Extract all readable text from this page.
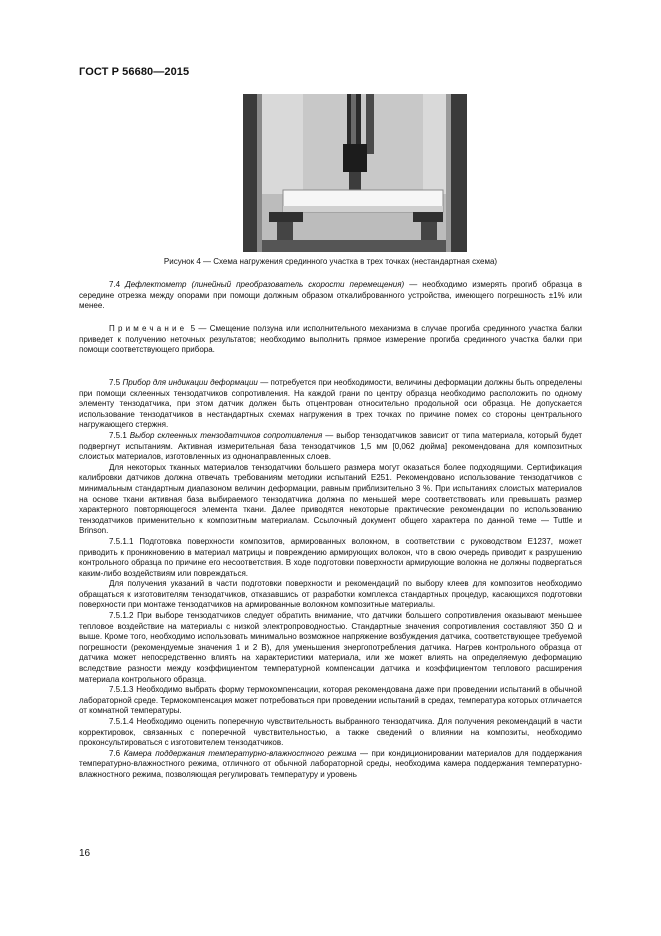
ГОСТ Р 56680—2015
Рисунок 4 — Схема нагружения срединного участка в трех точках (нестандартная схема)

7.4 Дефлектометр (линейный преобразователь скорости перемещения) — необходимо измерять прогиб образца в середине отрезка между опорами при помощи должным образом откалиброванного устройства, имеющего погрешность ±1% или менее.

Примечание 5 — Смещение ползуна или исполнительного механизма в случае прогиба срединного участка балки приведет к получению неточных результатов; необходимо выполнить прямое измерение прогиба срединного участка балки при помощи соответствующего прибора.

7.5 Прибор для индикации деформации — потребуется при необходимости, величины деформации должны быть определены при помощи склеенных тензодатчиков сопротивления. На каждой грани по центру образца необходимо расположить по одному элементу тензодатчика, при этом датчик должен быть отцентрован относительно продольной оси образца. Не допускается использование тензодатчиков в нестандартных схемах нагружения в трех точках по причине помех со стороны центрального нагружающего стержня.

7.5.1 Выбор склеенных тензодатчиков сопротивления — выбор тензодатчиков зависит от типа материала, который будет подвергнут испытаниям. Активная измерительная база тензодатчиков 1,5 мм [0,062 дюйма] рекомендована для композитных слоистых материалов, изготовленных из однонаправленных слоев.

Для некоторых тканных материалов тензодатчики большего размера могут оказаться более подходящими. Сертификация калибровки датчиков должна отвечать требованиям методики испытаний Е251. Рекомендовано использование тензодатчиков с минимальным стандартным диапазоном величин деформации, равным приблизительно 3 %. При испытаниях слоистых материалов на основе ткани активная база выбираемого тензодатчика должна по меньшей мере соответствовать или превышать размер характерного повторяющегося элемента ткани. Далее приводятся некоторые практические рекомендации по использованию тензодатчиков применительно к композитным материалам. Ссылочный документ общего характера по данной теме — Tuttle и Brinson.

7.5.1.1 Подготовка поверхности композитов, армированных волокном, в соответствии с руководством Е1237, может приводить к проникновению в материал матрицы и повреждению армирующих волокон, что в свою очередь приводит к разрушению контрольного образца по причине его несоответствия. В ходе подготовки поверхности армирующие волокна не должны подвергаться каким-либо воздействиям или повреждаться.

Для получения указаний в части подготовки поверхности и рекомендаций по выбору клеев для композитов необходимо обращаться к изготовителям тензодатчиков, отказавшись от разработки комплекса стандартных процедур, касающихся подготовки поверхности при монтаже тензодатчиков на армированные волокном композитные материалы.

7.5.1.2 При выборе тензодатчиков следует обратить внимание, что датчики большего сопротивления оказывают меньшее тепловое воздействие на материалы с низкой электропроводностью. Стандартные значения сопротивления составляют 350 Ω и выше. Кроме того, необходимо использовать минимально возможное напряжение возбуждения датчика, соответствующее требуемой погрешности (рекомендуемые значения 1 и 2 В), для уменьшения энергопотребления датчика. Нагрев контрольного образца от датчика может непосредственно влиять на характеристики материала, или же может влиять на определяемую деформацию вследствие разности между коэффициентом температурной компенсации датчика и коэффициентом теплового расширения материала контрольного образца.

7.5.1.3 Необходимо выбрать форму термокомпенсации, которая рекомендована даже при проведении испытаний в обычной лабораторной среде. Термокомпенсация может потребоваться при проведении испытаний в средах, температура которых отличается от комнатной температуры.

7.5.1.4 Необходимо оценить поперечную чувствительность выбранного тензодатчика. Для получения рекомендаций в части корректировок, связанных с поперечной чувствительностью, а также сведений о влиянии на композиты, необходимо проконсультироваться с изготовителем тензодатчиков.

7.6 Камера поддержания температурно-влажностного режима — при кондиционировании материалов для поддержания температурно-влажностного режима, отличного от обычной лабораторной среды, необходима камера поддержания температурно-влажностного режима, позволяющая регулировать температуру и уровень

16
